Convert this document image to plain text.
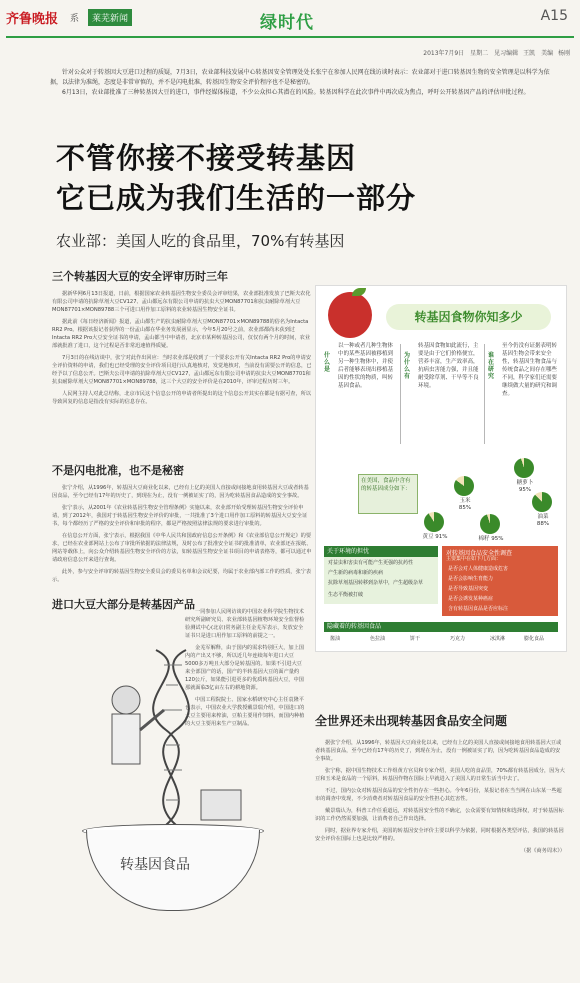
齐鲁晚报	系	莱芜新闻	绿时代	A15
2013年7月9日　星期二　见习编辑 王凯　美编 杨刚

针对公众对于转基因大豆进口过程的质疑，7月3日，农业部科技发展中心转基因安全管理处处长张宁在参加人民网在线访谈时表示：农业部对于进口转基因生物的安全管理是以科学为依据，以法律为准绳，态度是非常审慎的，并不是闪电批准，转基因生物安全评价程序也不是秘密的。

6月13日，农业部批准了三种转基因大豆的进口，事件经媒体报道，不少公众担心其潜在的风险。转基因科学在此次事件中再次成为焦点，呼吁公开转基因产品的评估审批过程。

不管你接不接受转基因
它已成为我们生活的一部分
农业部：美国人吃的食品里，70%有转基因
三个转基因大豆的安全评审历时三年

据新华网6月13日报道，日前，根据国家农业转基因生物安全委员会评审结果，农业部批准发放了巴斯夫农化有限公司申请的抗除草剂大豆CV127、孟山都远东有限公司申请的抗虫大豆MON87701和抗虫耐除草剂大豆MON87701×MON89788三个可进口用作加工原料的农业转基因生物安全证书。

据此前《每日经济新闻》报道，孟山都生产的抗虫耐除草剂大豆MON87701×MON89788的俗名为Intacta RR2 Pro。根据该报记者获得的一份孟山都在华业务发展函显示，今年5月20号之前，农业部都尚未获到过Intacta RR2 Pro大豆安全证书的申请，孟山都当中申请者，北京市某种转基因公司，仅仅有两个月的时间，农业部就批准了进口，这个过程是否非常迅速值得质疑。

7月3日的在线访谈中，张宁对此作出回应：当时农业部是收到了一个要求公开有关Intacta RR2 Pro的申请安全评价资料的申请，我们也已经受理的安全评价项目进行认真地核对，发觉地核对，当前没有需要公开的信息，已经予以了信息公开。巴斯夫公司申请的抗除草剂大豆CV127，孟山都远东有限公司申请的抗虫大豆MON87701和抗虫耐除草剂大豆MON87701×MON89788，这三个大豆的安全评价是在2010年，评审过程历时三年。

人民网主持人对此总结称，北京市民这个信息公开的申请者所提出的这个信息公开其实在都是有据可查，所以导致回复的信息是指没有实际的信息存在。

不是闪电批准，也不是秘密

张宁介绍，从1996年，转基因大豆商业化以来，已经有上亿的美国人直接或间接地食用转基因大豆或者转基因食品，至今已经有17年的历史了，到现在为止，没有一例被证实了的，因为吃转基因食品造成的安全事故。

张宁表示，从2001年《农业转基因生物安全管理条例》实施以来，农业部开始受理转基因生物安全评价申请，到了2012年，我国对于转基因生物安全评价的审批，一共批准了3个进口用作加工原料的转基因大豆安全证书，每个都经历了严格的安全评价和审批的程序，都是严格按照法律法规的要求进行审批的。

在信息公开方面，张宁表示，根据我国《中华人民共和国政府信息公开条例》和《农业部信息公开规定》的要求，已经在农业部网站上公布了审批所依据的法律法规，及时公布了批准安全证书的批准清单，农业部还在报纸、网站等载体上，向公众介绍转基因生物安全评价的方法，如转基因生物安全证书项目的申请表格等，都可以通过申请政府信息公开来进行查询。

此外，参与安全评审的转基因生物安全委员会的委员名单和会议纪要，均属于农业部内部工作的性质，张宁表示。

进口大豆大部分是转基因产品

一同参加人民网访谈的中国农业科学院生物技术研究所副研究员、农业部转基因植物环境安全监督检验测试中心(北京)常务副主任金芜军表示，发放安全证书只是进口用作加工原料的前提之一。

金芜军解释，由于国内的需求特别巨大，加上国内的产出又不够，所以近几年连续每年进口大豆5000多万吨且大部分是转基因的。如果不引进大豆来全部国产的话，国产的半转基因大豆的面产量约120公斤，如果能引进更多的优质转基因大豆，中国那就面临3亿亩左右的耕地资源。

中国工程院院士、国家水稻研究中心主任袁隆平也表示，中国农业大学教授戴景瑞介绍，中国进口的大豆主要用来榨油，豆粕主要用作饲料，而国内种植的大豆主要用来生产豆制品。

转基因食品
转基因食物你知多少
什么是
以一种或者几种生物体中的某些基因被移植到另一种生物体中，并使后者能够表现出移植基因的性状的物质，叫转基因食品。
为什么有
转基因食物如此流行，主要是由于它们价格便宜，营养丰富，生产效率高，抗病虫害能力强，并且能耐受除草剂、干旱等不良环境。
谁在研究
至今仍没有证据表明转基因生物会带来安全性，转基因生物食品与传统食品之间存在哪些不同，科学家们还需要继续做大量的研究和调查。
在美国，食品中含有的转基因成分如下：
糖萝卜
95%
油菜
88%
玉米
85%
黄豆 91%	棉籽 95%
关于环境的担忧
对益虫和害虫有可能产生更强的抗药性
产生新的病毒和新的疾病
抗除草剂基因转移到杂草中，产生超级杂草
生态平衡被打破
对转基因食品安全性调查
主要集中在如下几方面：
是否会对人体健康造成危害
是否会影响生育能力
是否导致基因突变
是否会诱发某种癌症
含有转基因食品是否应标注
隐藏着的转基因食品
酱油	色拉油	饼干	巧克力	冰淇淋	膨化食品
全世界还未出现转基因食品安全问题

据张宁介绍，从1996年，转基因大豆商业化以来，已经有上亿的美国人直接或间接地食用转基因大豆或者转基因食品，至今已经有17年的历史了，到现在为止，没有一例被证实了的，因为吃转基因食品造成的安全事故。

张宁称，据中国生物技术工作组黄方官员和专家介绍，美国人吃的食品里，70%都有转基因成分，因为大豆和玉米是食品的一个原料，转基因作物在国际上早就进入了美国人的日常生活当中去了。

不过，国内公众对转基因食品的安全性仍存在一些担心。今年6月份，某报记者在当当网在山东某一些超市的调查中发现，不少消费者对转基因食品的安全性担心其危害性。

戴景瑞认为，科普工作任重道远，对转基因安全性的不确定，公众需要有知情权和选择权，对于转基因标识的工作仍然需要加强，让消费者自己作出选择。

同时，据业界专家介绍，美国的转基因安全评价主要以科学为依据，同时根据各类型评估，我国的转基因安全评价在国际上也是比较严格的。

（据《商务周末》）
